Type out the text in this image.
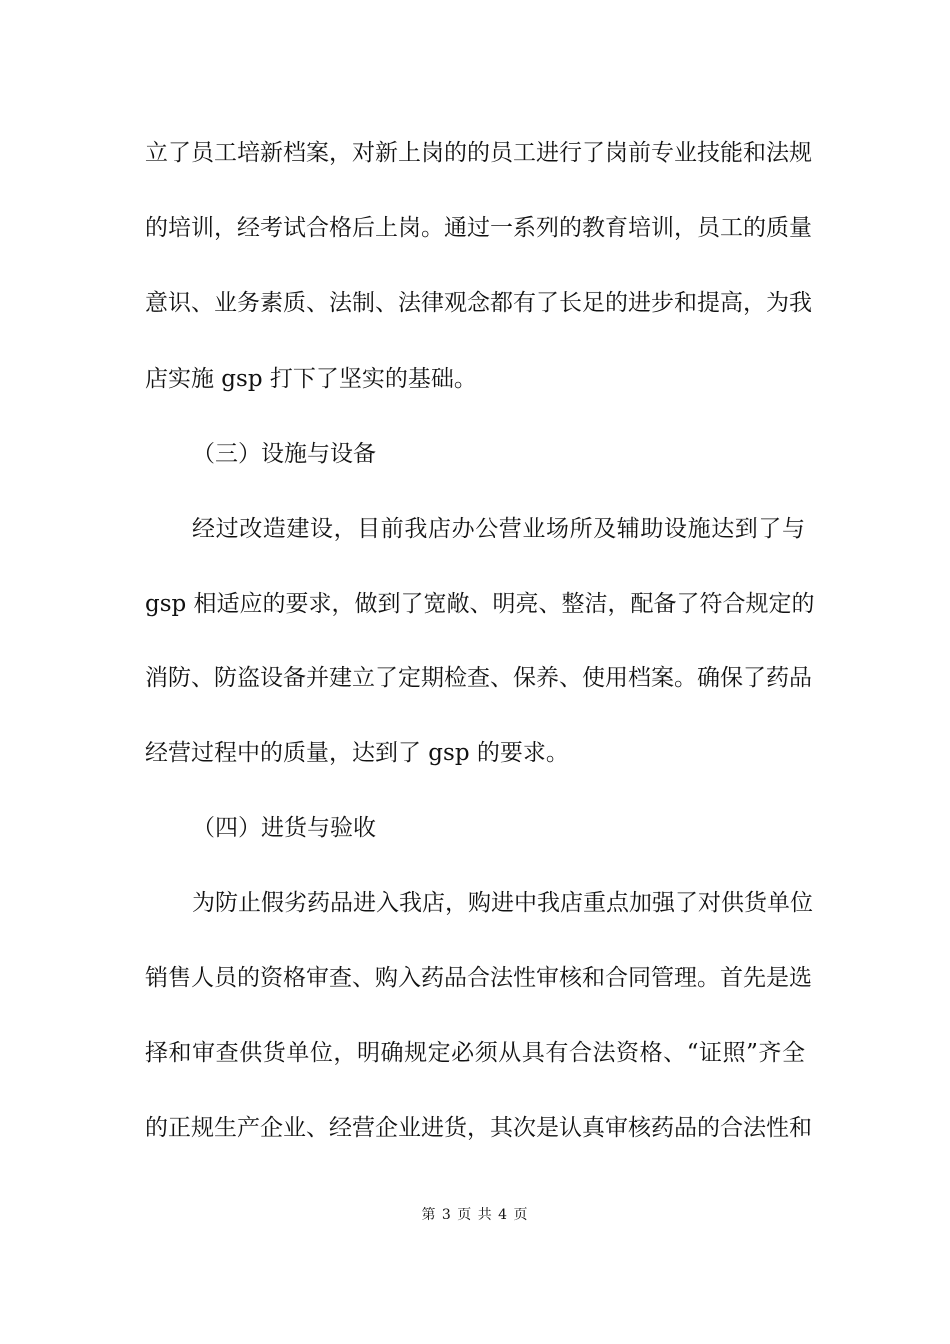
立了员工培新档案，对新上岗的的员工进行了岗前专业技能和法规
的培训，经考试合格后上岗。通过一系列的教育培训，员工的质量
意识、业务素质、法制、法律观念都有了长足的进步和提高，为我
店实施 gsp 打下了坚实的基础。
（三）设施与设备
经过改造建设，目前我店办公营业场所及辅助设施达到了与
gsp 相适应的要求，做到了宽敞、明亮、整洁，配备了符合规定的
消防、防盗设备并建立了定期检查、保养、使用档案。确保了药品
经营过程中的质量，达到了 gsp 的要求。
（四）进货与验收
为防止假劣药品进入我店，购进中我店重点加强了对供货单位
销售人员的资格审查、购入药品合法性审核和合同管理。首先是选
择和审查供货单位，明确规定必须从具有合法资格、“证照”齐全
的正规生产企业、经营企业进货，其次是认真审核药品的合法性和
第 3 页 共 4 页
